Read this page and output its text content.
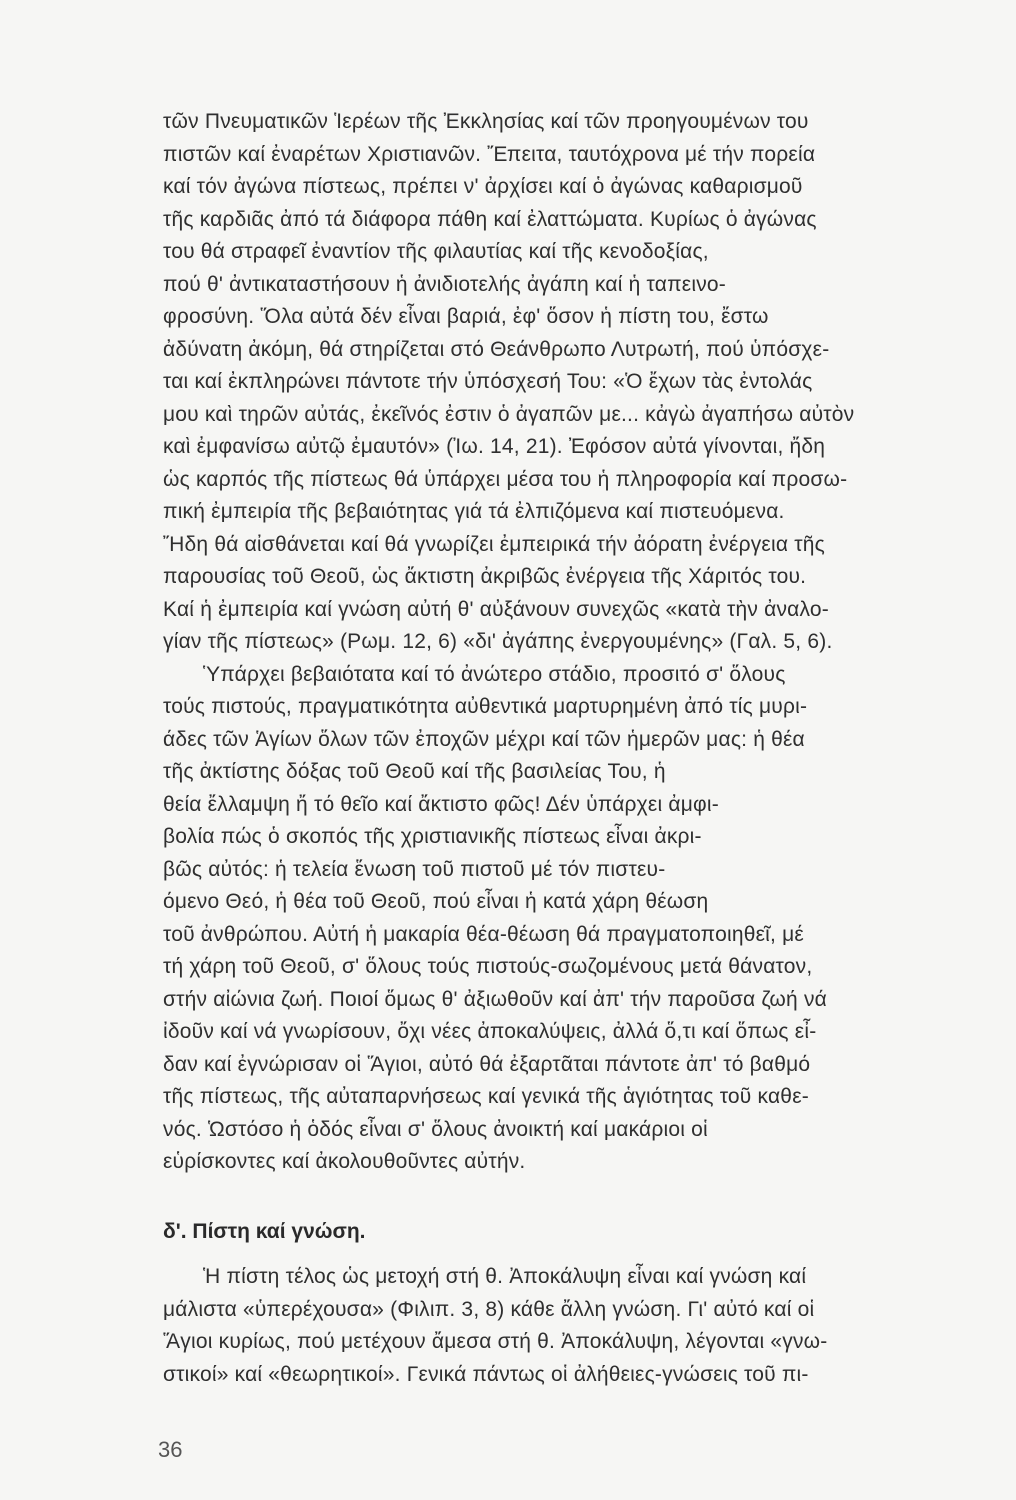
τῶν Πνευματικῶν Ἱερέων τῆς Ἐκκλησίας καί τῶν προηγουμένων του
πιστῶν καί ἐναρέτων Χριστιανῶν. Ἔπειτα, ταυτόχρονα μέ τήν πορεία
καί τόν ἀγώνα πίστεως, πρέπει ν' ἀρχίσει καί ὁ ἀγώνας καθαρισμοῦ
τῆς καρδιᾶς ἀπό τά διάφορα πάθη καί ἐλαττώματα. Κυρίως ὁ ἀγώνας
του θά στραφεῖ ἐναντίον τῆς φιλαυτίας καί τῆς κενοδοξίας,
πού θ' ἀντικαταστήσουν ἡ ἀνιδιοτελής ἀγάπη καί ἡ ταπεινο-
φροσύνη. Ὅλα αὐτά δέν εἶναι βαριά, ἐφ' ὅσον ἡ πίστη του, ἔστω
ἀδύνατη ἀκόμη, θά στηρίζεται στό Θεάνθρωπο Λυτρωτή, πού ὑπόσχε-
ται καί ἐκπληρώνει πάντοτε τήν ὑπόσχεσή Του: «Ὁ ἔχων τὰς ἐντολάς
μου καὶ τηρῶν αὐτάς, ἐκεῖνός ἐστιν ὁ ἀγαπῶν με... κἀγὼ ἀγαπήσω αὐτὸν
καὶ ἐμφανίσω αὐτῷ ἐμαυτόν» (Ἰω. 14, 21). Ἐφόσον αὐτά γίνονται, ἤδη
ὡς καρπός τῆς πίστεως θά ὑπάρχει μέσα του ἡ πληροφορία καί προσω-
πική ἐμπειρία τῆς βεβαιότητας γιά τά ἐλπιζόμενα καί πιστευόμενα.
Ἤδη θά αἰσθάνεται καί θά γνωρίζει ἐμπειρικά τήν ἀόρατη ἐνέργεια τῆς
παρουσίας τοῦ Θεοῦ, ὡς ἄκτιστη ἀκριβῶς ἐνέργεια τῆς Χάριτός του.
Καί ἡ ἐμπειρία καί γνώση αὐτή θ' αὐξάνουν συνεχῶς «κατὰ τὴν ἀναλο-
γίαν τῆς πίστεως» (Ρωμ. 12, 6) «δι' ἀγάπης ἐνεργουμένης» (Γαλ. 5, 6).
Ὑπάρχει βεβαιότατα καί τό ἀνώτερο στάδιο, προσιτό σ' ὅλους
τούς πιστούς, πραγματικότητα αὐθεντικά μαρτυρημένη ἀπό τίς μυρι-
άδες τῶν Ἁγίων ὅλων τῶν ἐποχῶν μέχρι καί τῶν ἡμερῶν μας: ἡ θέα
τῆς ἀκτίστης δόξας τοῦ Θεοῦ καί τῆς βασιλείας Του, ἡ
θεία ἔλλαμψη ἤ τό θεῖο καί ἄκτιστο φῶς! Δέν ὑπάρχει ἀμφι-
βολία πώς ὁ σκοπός τῆς χριστιανικῆς πίστεως εἶναι ἀκρι-
βῶς αὐτός: ἡ τελεία ἕνωση τοῦ πιστοῦ μέ τόν πιστευ-
όμενο Θεό, ἡ θέα τοῦ Θεοῦ, πού εἶναι ἡ κατά χάρη θέωση
τοῦ ἀνθρώπου. Αὐτή ἡ μακαρία θέα-θέωση θά πραγματοποιηθεῖ, μέ
τή χάρη τοῦ Θεοῦ, σ' ὅλους τούς πιστούς-σωζομένους μετά θάνατον,
στήν αἰώνια ζωή. Ποιοί ὅμως θ' ἀξιωθοῦν καί ἀπ' τήν παροῦσα ζωή νά
ἰδοῦν καί νά γνωρίσουν, ὄχι νέες ἀποκαλύψεις, ἀλλά ὅ,τι καί ὅπως εἶ-
δαν καί ἐγνώρισαν οἱ Ἅγιοι, αὐτό θά ἐξαρτᾶται πάντοτε ἀπ' τό βαθμό
τῆς πίστεως, τῆς αὐταπαρνήσεως καί γενικά τῆς ἁγιότητας τοῦ καθε-
νός. Ὡστόσο ἡ ὁδός εἶναι σ' ὅλους ἀνοικτή καί μακάριοι οἱ
εὑρίσκοντες καί ἀκολουθοῦντες αὐτήν.
δ'. Πίστη καί γνώση.
Ἡ πίστη τέλος ὡς μετοχή στή θ. Ἀποκάλυψη εἶναι καί γνώση καί
μάλιστα «ὑπερέχουσα» (Φιλιπ. 3, 8) κάθε ἄλλη γνώση. Γι' αὐτό καί οἱ
Ἅγιοι κυρίως, πού μετέχουν ἄμεσα στή θ. Ἀποκάλυψη, λέγονται «γνω-
στικοί» καί «θεωρητικοί». Γενικά πάντως οἱ ἀλήθειες-γνώσεις τοῦ πι-
36
